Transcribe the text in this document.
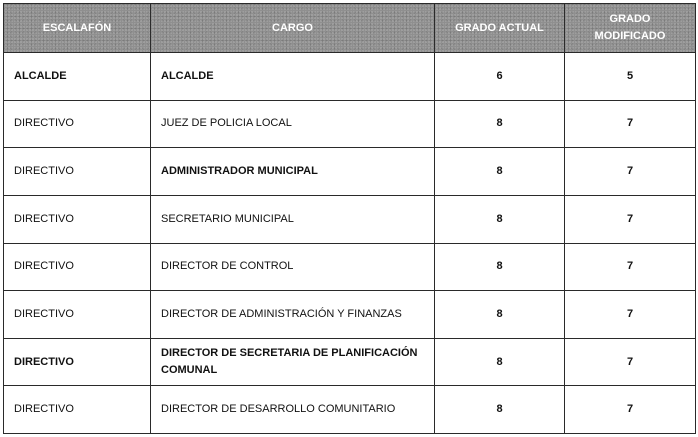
ESCALAFÓN	CARGO	GRADO ACTUAL	GRADO MODIFICADO
ALCALDE	ALCALDE	6	5
DIRECTIVO	JUEZ DE POLICIA LOCAL	8	7
DIRECTIVO	ADMINISTRADOR MUNICIPAL	8	7
DIRECTIVO	SECRETARIO MUNICIPAL	8	7
DIRECTIVO	DIRECTOR DE CONTROL	8	7
DIRECTIVO	DIRECTOR DE ADMINISTRACIÓN Y FINANZAS	8	7
DIRECTIVO	DIRECTOR DE SECRETARIA DE PLANIFICACIÓN COMUNAL	8	7
DIRECTIVO	DIRECTOR DE DESARROLLO COMUNITARIO	8	7
